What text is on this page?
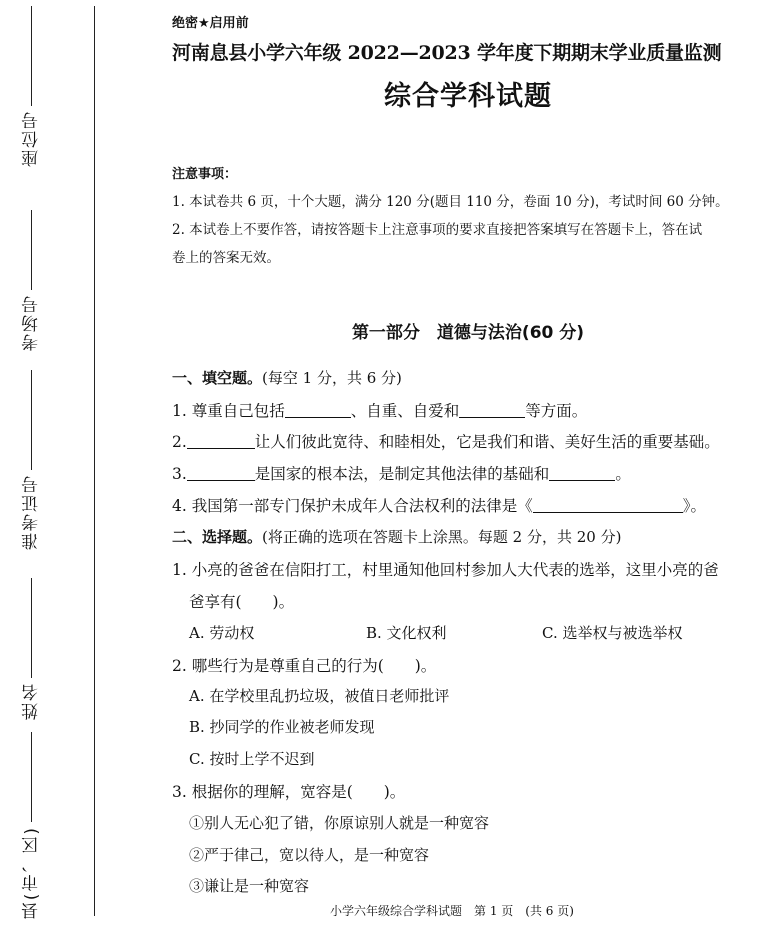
座位号
考场号
准考证号
姓名
县(市、区)
绝密★启用前
河南息县小学六年级 2022—2023 学年度下期期末学业质量监测
综合学科试题
注意事项：
1. 本试卷共 6 页，十个大题，满分 120 分(题目 110 分，卷面 10 分)，考试时间 60 分钟。
2. 本试卷上不要作答，请按答题卡上注意事项的要求直接把答案填写在答题卡上，答在试
卷上的答案无效。
第一部分　道德与法治(60 分)
一、填空题。(每空 1 分，共 6 分)
1. 尊重自己包括	、自重、自爱和	等方面。
2.	让人们彼此宽待、和睦相处，它是我们和谐、美好生活的重要基础。
3.	是国家的根本法，是制定其他法律的基础和	。
4. 我国第一部专门保护未成年人合法权利的法律是《	》。
二、选择题。(将正确的选项在答题卡上涂黑。每题 2 分，共 20 分)
1. 小亮的爸爸在信阳打工，村里通知他回村参加人大代表的选举，这里小亮的爸
爸享有(　　)。
A. 劳动权	B. 文化权利	C. 选举权与被选举权
2. 哪些行为是尊重自己的行为(　　)。
A. 在学校里乱扔垃圾，被值日老师批评
B. 抄同学的作业被老师发现
C. 按时上学不迟到
3. 根据你的理解，宽容是(　　)。
①别人无心犯了错，你原谅别人就是一种宽容
②严于律己，宽以待人，是一种宽容
③谦让是一种宽容
小学六年级综合学科试题　第 1 页　(共 6 页)
